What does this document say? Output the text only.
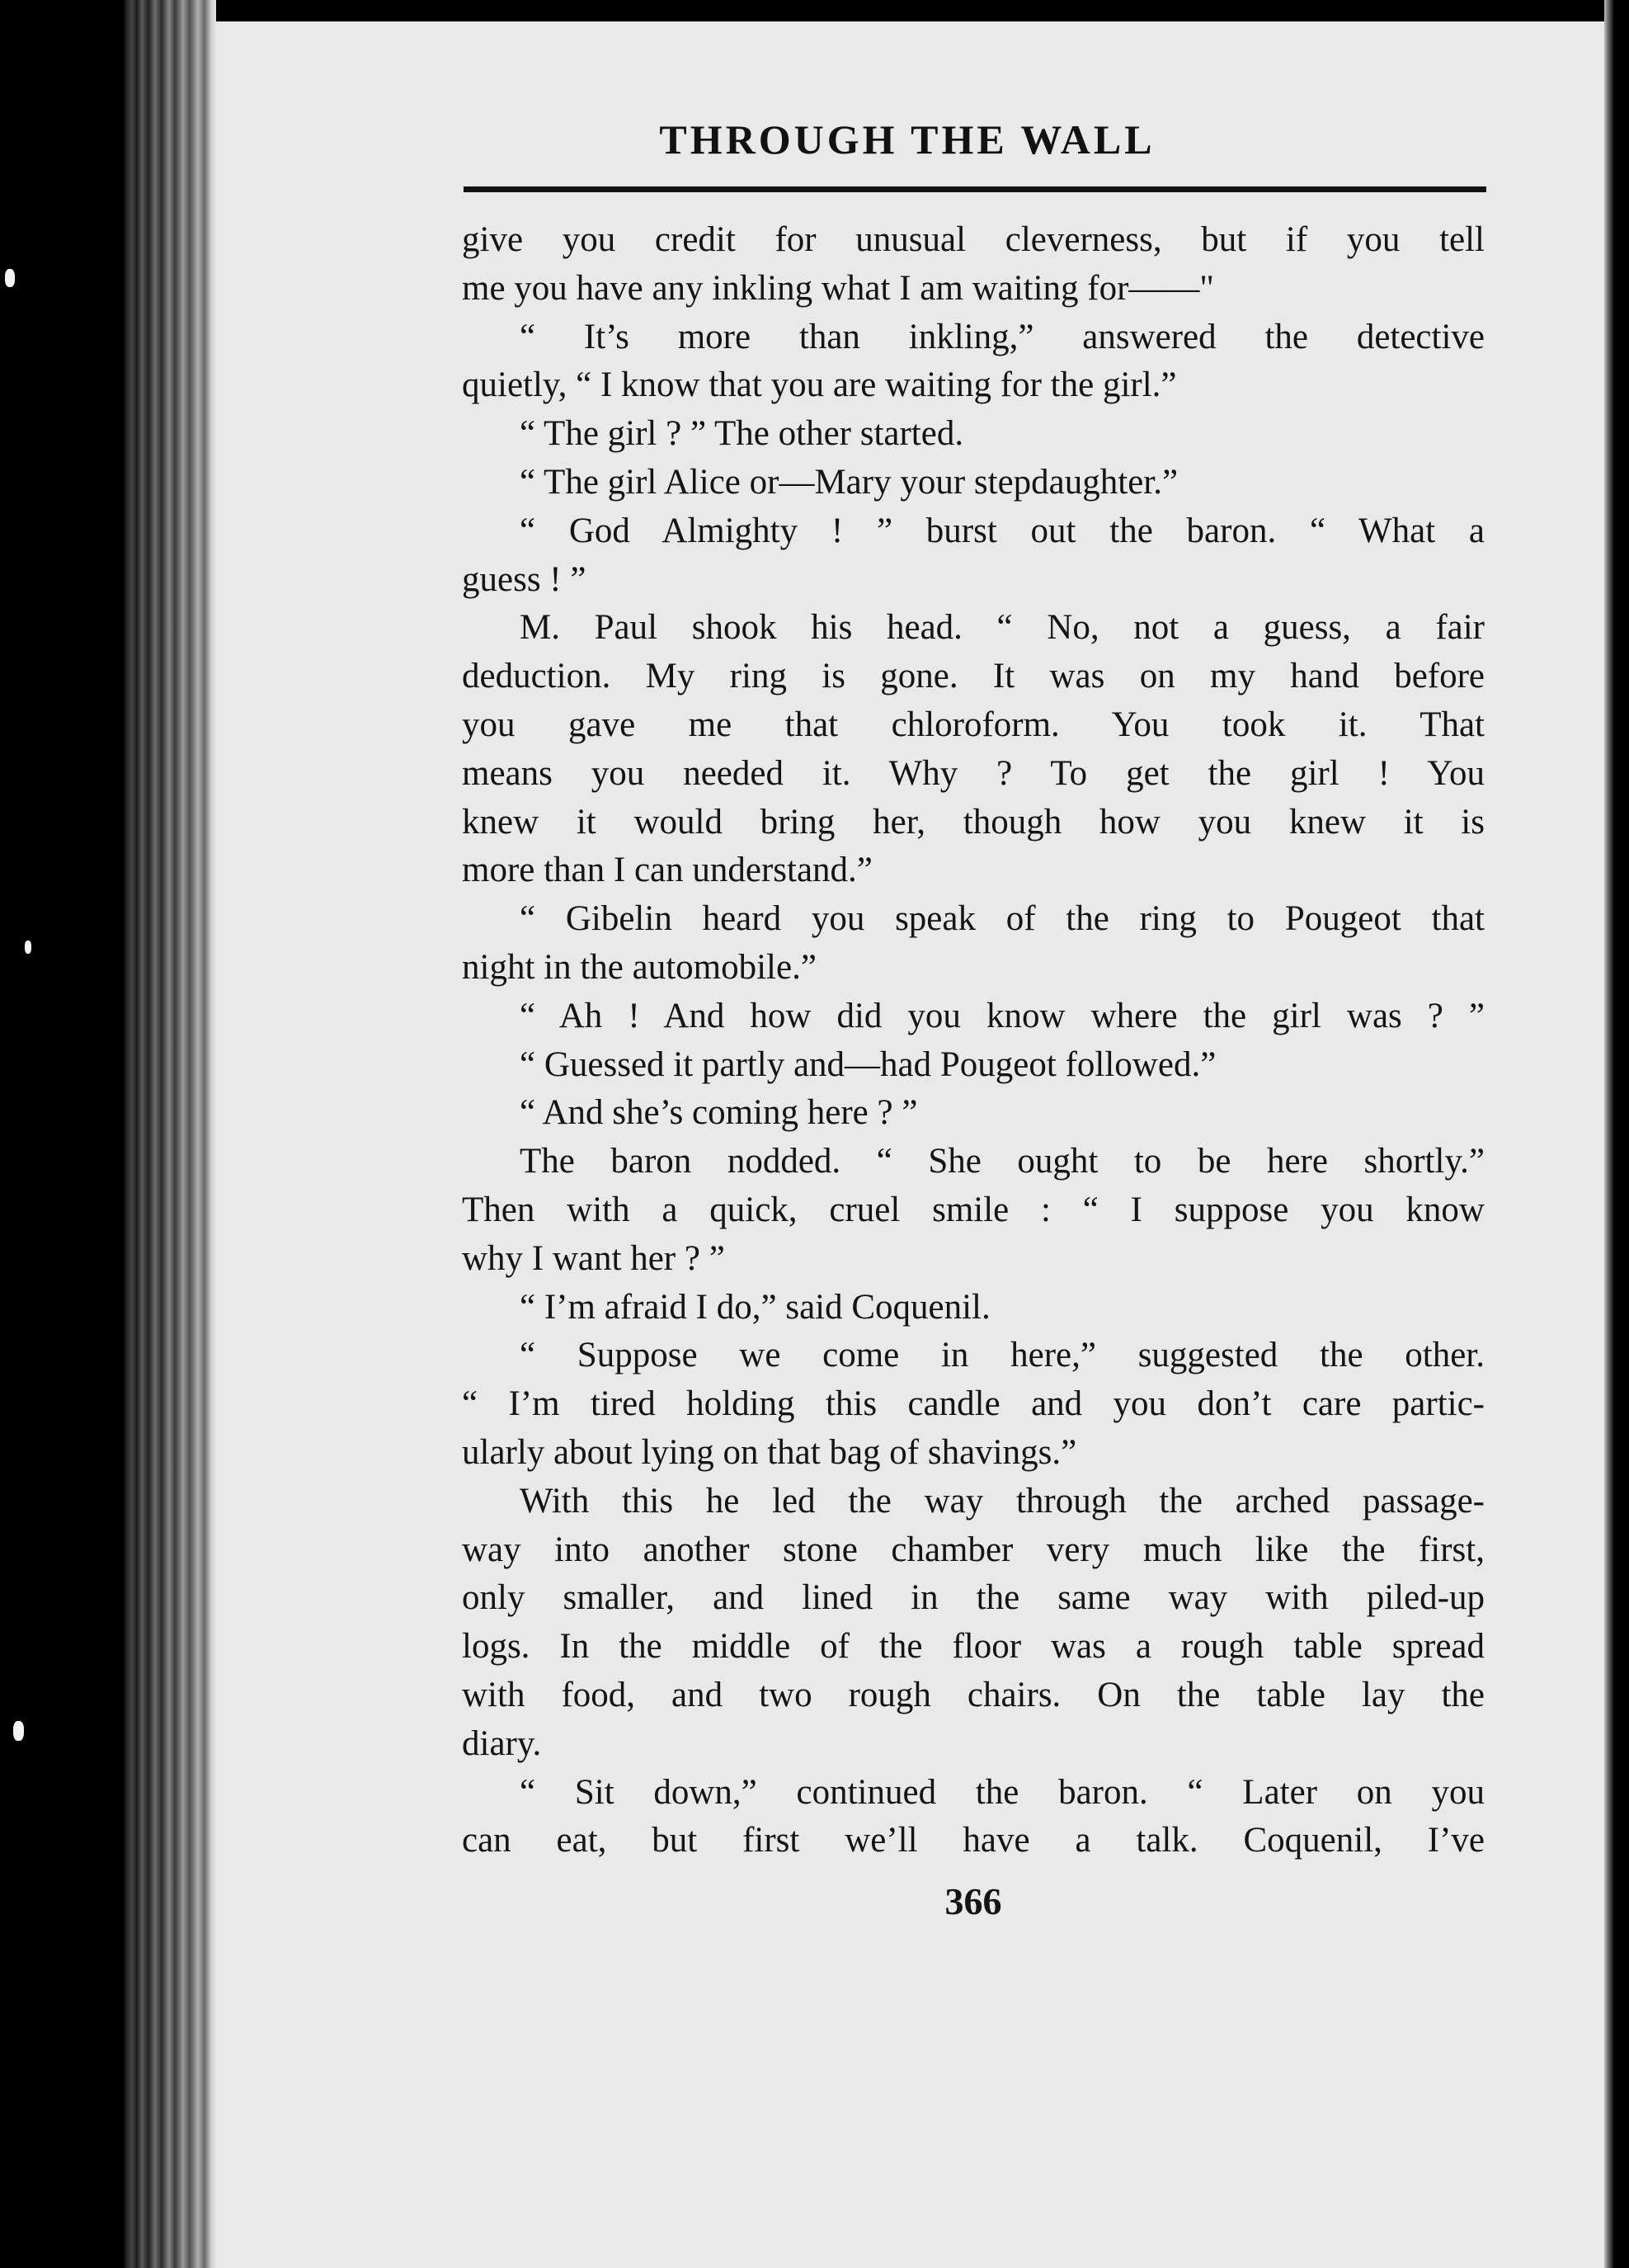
THROUGH THE WALL
give you credit for unusual cleverness, but if you tell
me you have any inkling what I am waiting for——"
“ It’s more than inkling,” answered the detective
quietly, “ I know that you are waiting for the girl.”
“ The girl ? ” The other started.
“ The girl Alice or—Mary your stepdaughter.”
“ God Almighty ! ” burst out the baron. “ What a
guess ! ”
M. Paul shook his head. “ No, not a guess, a fair
deduction. My ring is gone. It was on my hand before
you gave me that chloroform. You took it. That
means you needed it. Why ? To get the girl ! You
knew it would bring her, though how you knew it is
more than I can understand.”
“ Gibelin heard you speak of the ring to Pougeot that
night in the automobile.”
“ Ah ! And how did you know where the girl was ? ”
“ Guessed it partly and—had Pougeot followed.”
“ And she’s coming here ? ”
The baron nodded. “ She ought to be here shortly.”
Then with a quick, cruel smile : “ I suppose you know
why I want her ? ”
“ I’m afraid I do,” said Coquenil.
“ Suppose we come in here,” suggested the other.
“ I’m tired holding this candle and you don’t care partic-
ularly about lying on that bag of shavings.”
With this he led the way through the arched passage-
way into another stone chamber very much like the first,
only smaller, and lined in the same way with piled-up
logs. In the middle of the floor was a rough table spread
with food, and two rough chairs. On the table lay the
diary.
“ Sit down,” continued the baron. “ Later on you
can eat, but first we’ll have a talk. Coquenil, I’ve
366
